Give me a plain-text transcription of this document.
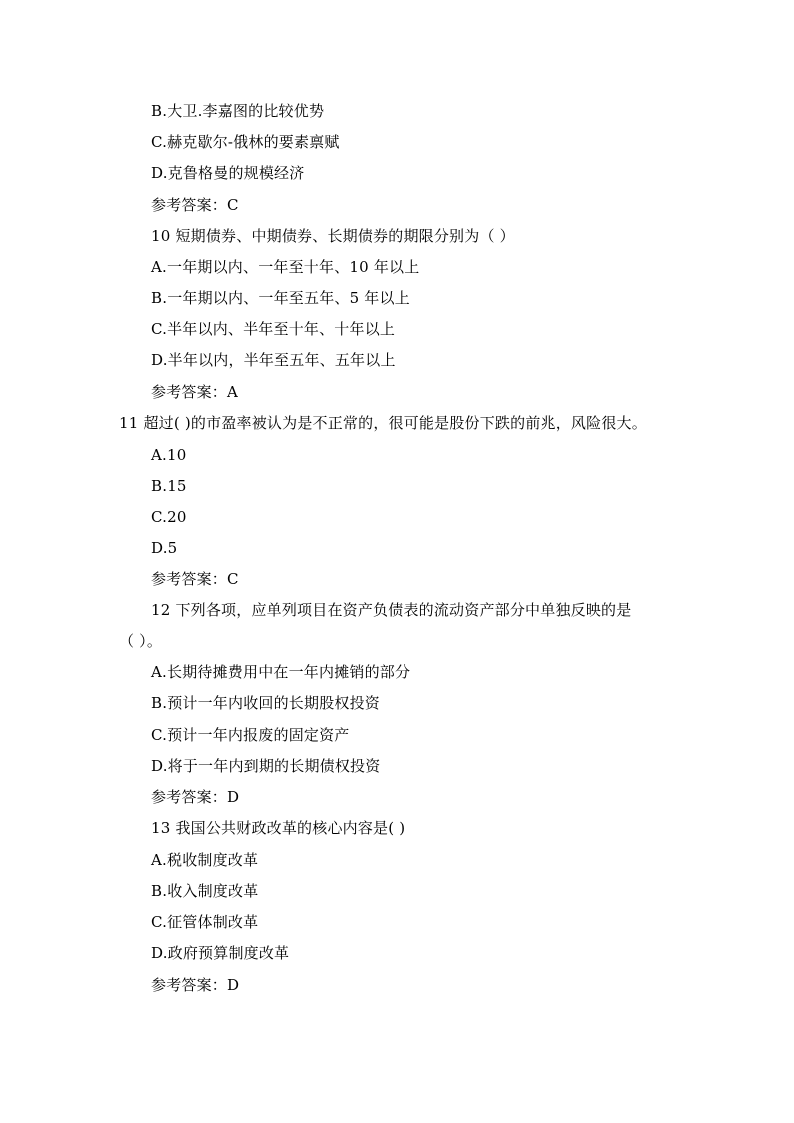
B.大卫.李嘉图的比较优势
C.赫克歇尔-俄林的要素禀赋
D.克鲁格曼的规模经济
参考答案：C
10 短期债券、中期债券、长期债券的期限分别为（ ）
A.一年期以内、一年至十年、10 年以上
B.一年期以内、一年至五年、5 年以上
C.半年以内、半年至十年、十年以上
D.半年以内，半年至五年、五年以上
参考答案：A
11 超过( )的市盈率被认为是不正常的，很可能是股份下跌的前兆，风险很大。
A.10
B.15
C.20
D.5
参考答案：C
12 下列各项，应单列项目在资产负债表的流动资产部分中单独反映的是
（ ）。
A.长期待摊费用中在一年内摊销的部分
B.预计一年内收回的长期股权投资
C.预计一年内报废的固定资产
D.将于一年内到期的长期债权投资
参考答案：D
13 我国公共财政改革的核心内容是( )
A.税收制度改革
B.收入制度改革
C.征管体制改革
D.政府预算制度改革
参考答案：D
